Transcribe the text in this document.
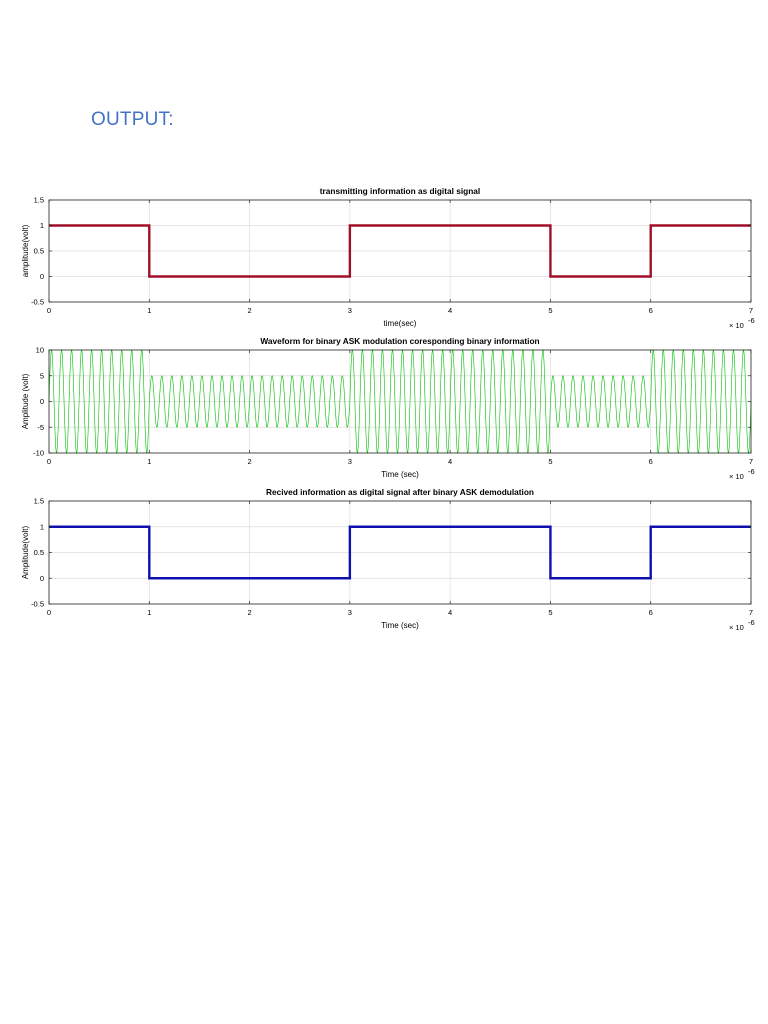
OUTPUT:
0	1	2	3	4	5	6	7
-0.5
0
0.5
1
1.5
transmitting information as digital signal
time(sec)
amplitude(volt)
× 10
-6
0	1	2	3	4	5	6	7
-10
-5
0
5
10
Waveform for binary ASK modulation coresponding binary information
Time (sec)
Amplitude (volt)
× 10
-6
0	1	2	3	4	5	6	7
-0.5
0
0.5
1
1.5
Recived information as digital signal after binary ASK demodulation
Time (sec)
Amplitude(volt)
× 10
-6
